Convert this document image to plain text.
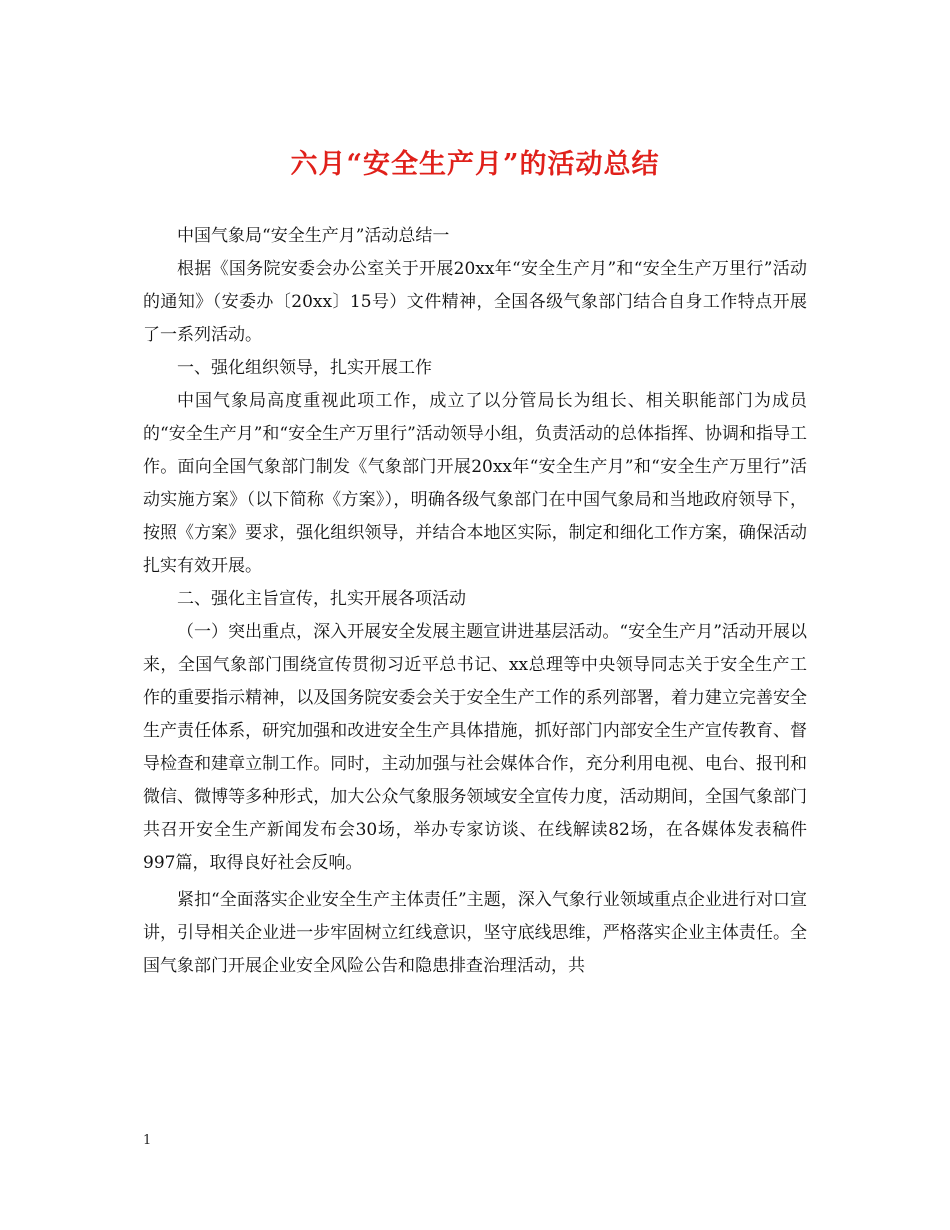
六月“安全生产月”的活动总结

中国气象局“安全生产月”活动总结一

根据《国务院安委会办公室关于开展20xx年“安全生产月”和“安全生产万里行”活动的通知》（安委办〔20xx〕15号）文件精神，全国各级气象部门结合自身工作特点开展了一系列活动。

一、强化组织领导，扎实开展工作

中国气象局高度重视此项工作，成立了以分管局长为组长、相关职能部门为成员的“安全生产月”和“安全生产万里行”活动领导小组，负责活动的总体指挥、协调和指导工作。面向全国气象部门制发《气象部门开展20xx年“安全生产月”和“安全生产万里行”活动实施方案》（以下简称《方案》），明确各级气象部门在中国气象局和当地政府领导下，按照《方案》要求，强化组织领导，并结合本地区实际，制定和细化工作方案，确保活动扎实有效开展。

二、强化主旨宣传，扎实开展各项活动

（一）突出重点，深入开展安全发展主题宣讲进基层活动。“安全生产月”活动开展以来，全国气象部门围绕宣传贯彻习近平总书记、xx总理等中央领导同志关于安全生产工作的重要指示精神，以及国务院安委会关于安全生产工作的系列部署，着力建立完善安全生产责任体系，研究加强和改进安全生产具体措施，抓好部门内部安全生产宣传教育、督导检查和建章立制工作。同时，主动加强与社会媒体合作，充分利用电视、电台、报刊和微信、微博等多种形式，加大公众气象服务领域安全宣传力度，活动期间，全国气象部门共召开安全生产新闻发布会30场，举办专家访谈、在线解读82场，在各媒体发表稿件997篇，取得良好社会反响。

紧扣“全面落实企业安全生产主体责任”主题，深入气象行业领域重点企业进行对口宣讲，引导相关企业进一步牢固树立红线意识，坚守底线思维，严格落实企业主体责任。全国气象部门开展企业安全风险公告和隐患排查治理活动，共

1
